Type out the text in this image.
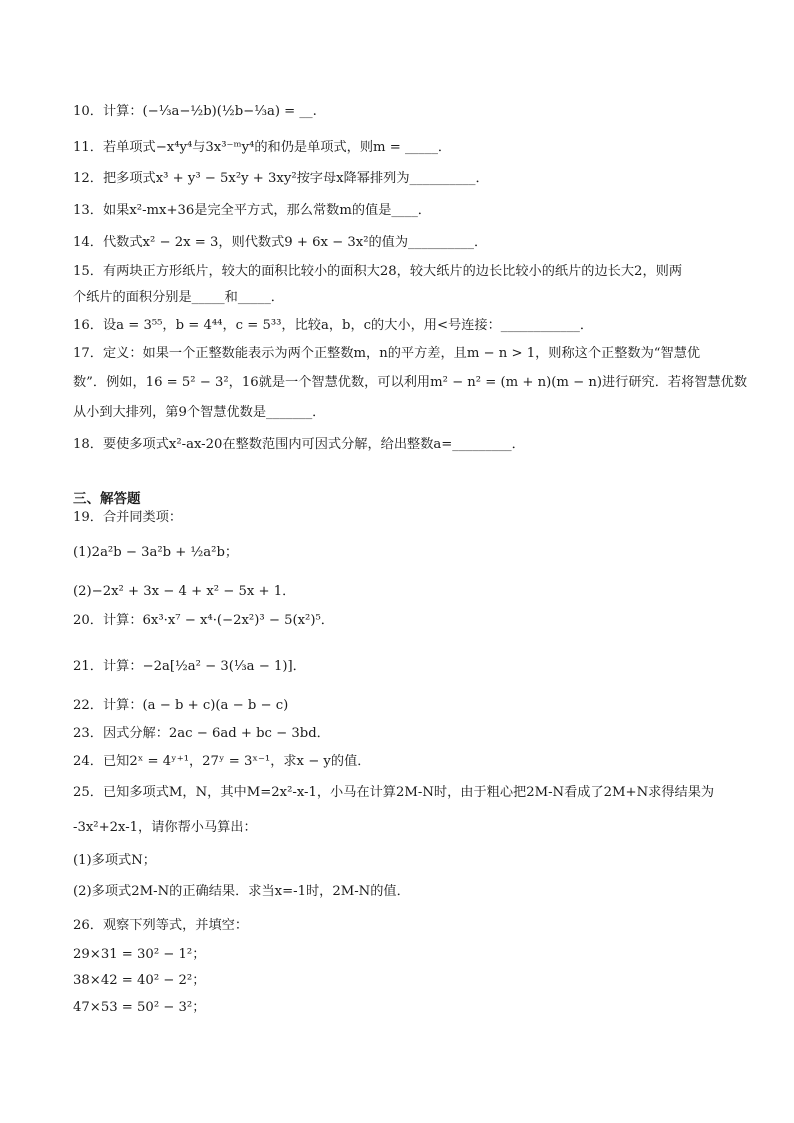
10．计算：(−⅓a−½b)(½b−⅓a) = __.
11．若单项式−x⁴y⁴与3x³⁻ᵐy⁴的和仍是单项式，则m = _____．
12．把多项式x³ + y³ − 5x²y + 3xy²按字母x降幂排列为__________．
13．如果x²-mx+36是完全平方式，那么常数m的值是____．
14．代数式x² − 2x = 3，则代数式9 + 6x − 3x²的值为__________．
15．有两块正方形纸片，较大的面积比较小的面积大28，较大纸片的边长比较小的纸片的边长大2，则两
个纸片的面积分别是_____和_____．
16．设a = 3⁵⁵，b = 4⁴⁴，c = 5³³，比较a，b，c的大小，用<号连接：____________．
17．定义：如果一个正整数能表示为两个正整数m，n的平方差，且m − n > 1，则称这个正整数为“智慧优
数”．例如，16 = 5² − 3²，16就是一个智慧优数，可以利用m² − n² = (m + n)(m − n)进行研究．若将智慧优数
从小到大排列，第9个智慧优数是_______．
18．要使多项式x²-ax-20在整数范围内可因式分解，给出整数a=_________．
三、解答题
19．合并同类项：
(1)2a²b − 3a²b + ½a²b；
(2)−2x² + 3x − 4 + x² − 5x + 1．
20．计算：6x³·x⁷ − x⁴·(−2x²)³ − 5(x²)⁵．
21．计算：−2a[½a² − 3(⅓a − 1)]．
22．计算：(a − b + c)(a − b − c)
23．因式分解：2ac − 6ad + bc − 3bd．
24．已知2ˣ = 4ʸ⁺¹，27ʸ = 3ˣ⁻¹，求x − y的值．
25．已知多项式M，N，其中M=2x²-x-1，小马在计算2M-N时，由于粗心把2M-N看成了2M+N求得结果为
-3x²+2x-1，请你帮小马算出：
(1)多项式N；
(2)多项式2M-N的正确结果．求当x=-1时，2M-N的值．
26．观察下列等式，并填空：
29×31 = 30² − 1²；
38×42 = 40² − 2²；
47×53 = 50² − 3²；
